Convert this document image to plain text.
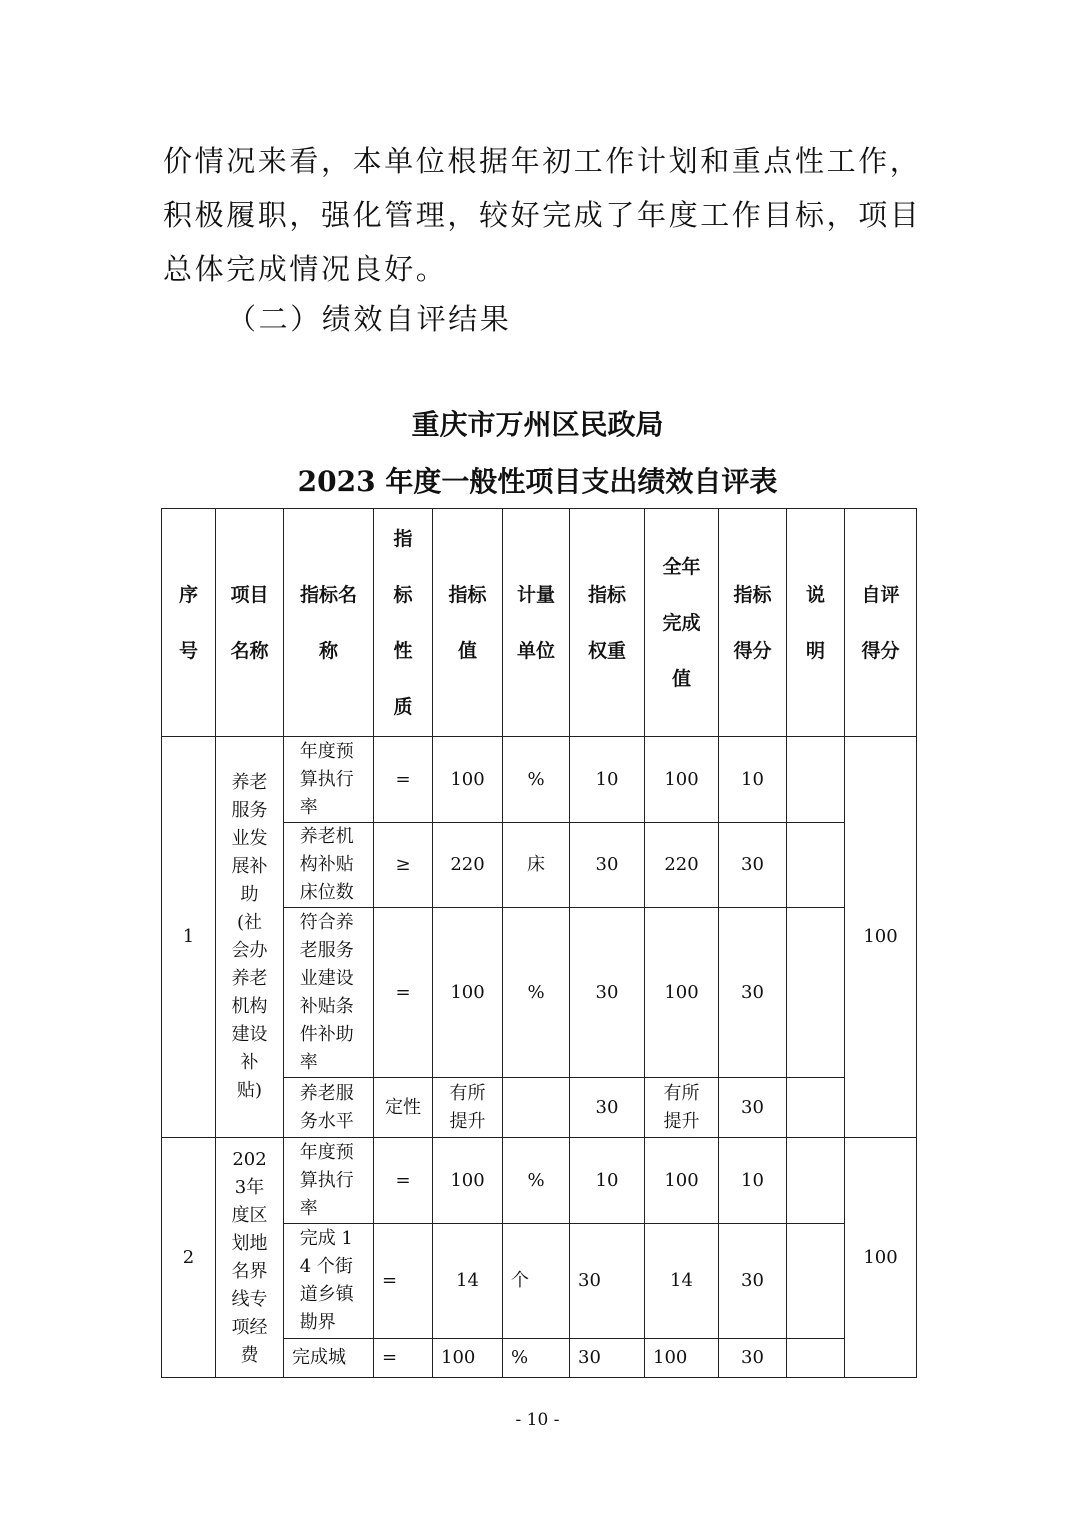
价情况来看，本单位根据年初工作计划和重点性工作，积极履职，强化管理，较好完成了年度工作目标，项目总体完成情况良好。

（二）绩效自评结果

重庆市万州区民政局
2023 年度一般性项目支出绩效自评表
序号	项目名称	指标名称	指标性质	指标值	计量单位	指标权重	全年完成值	指标得分	说明	自评得分

1	养老服务业发展补助(社会办养老机构建设补贴)	年度预算执行率	=	100	%	10	100	10		100

		养老机构补贴床位数	≥	220	床	30	220	30		

		符合养老服务业建设补贴条件补助率	=	100	%	30	100	30		

		养老服务水平	定性	有所提升		30	有所提升	30		
2	2023年度区划地名界线专项经费	年度预算执行率	=	100	%	10	100	10		100

		完成 14 个街道乡镇勘界	=	14	个	30	14	30		
		完成城	=	100	%	30	100	30		
- 10 -
